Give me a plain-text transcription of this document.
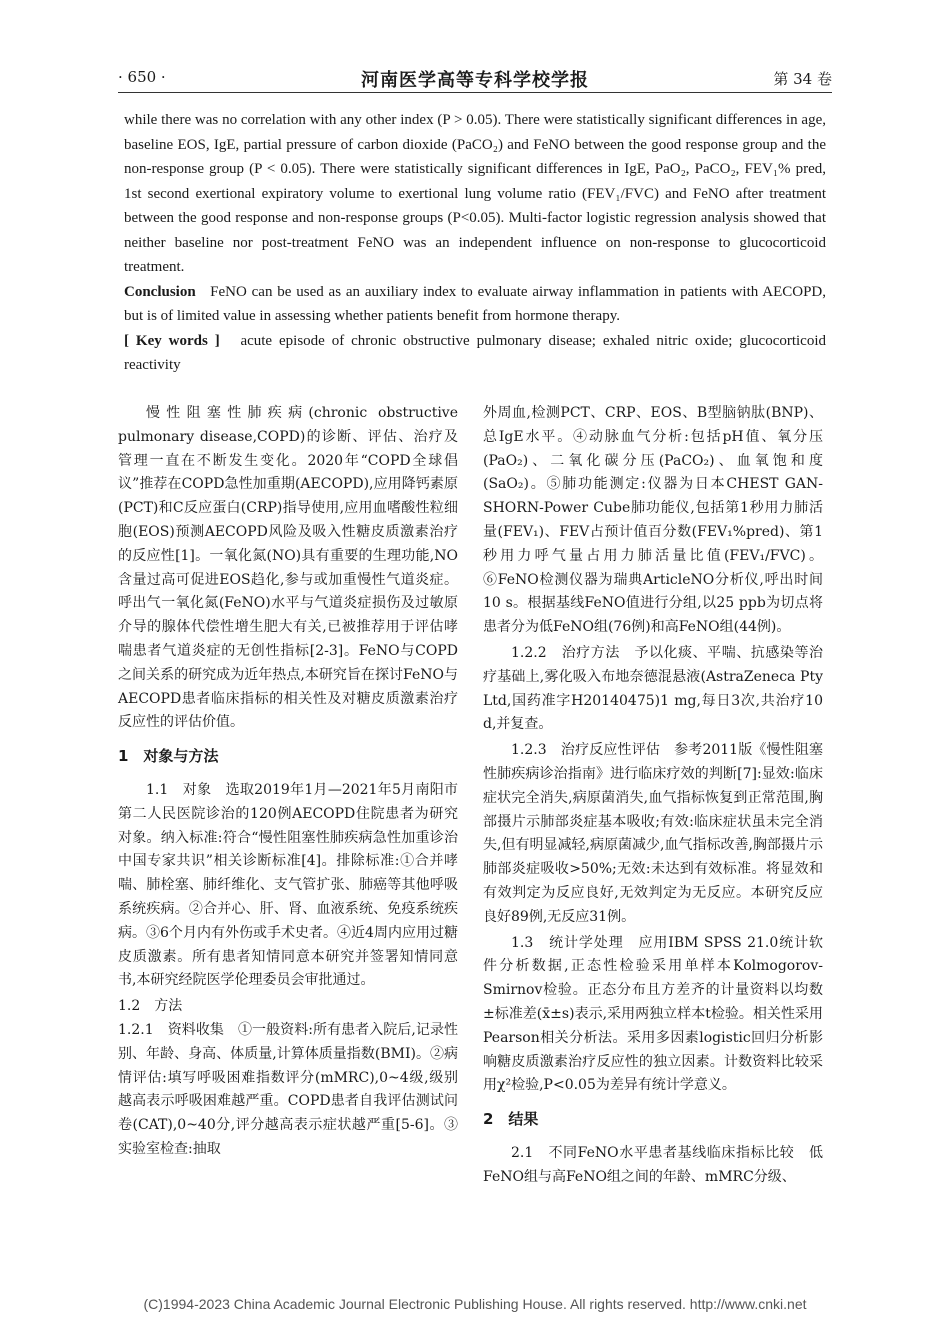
· 650 ·	河南医学高等专科学校学报	第 34 卷

while there was no correlation with any other index (P > 0.05). There were statistically significant differences in age, baseline EOS, IgE, partial pressure of carbon dioxide (PaCO₂) and FeNO between the good response group and the non-response group (P < 0.05). There were statistically significant differences in IgE, PaO₂, PaCO₂, FEV₁% pred, 1st second exertional expiratory volume to exertional lung volume ratio (FEV₁/FVC) and FeNO after treatment between the good response and non-response groups (P<0.05). Multi-factor logistic regression analysis showed that neither baseline nor post-treatment FeNO was an independent influence on non-response to glucocorticoid treatment.

Conclusion FeNO can be used as an auxiliary index to evaluate airway inflammation in patients with AECOPD, but is of limited value in assessing whether patients benefit from hormone therapy.

[ Key words ] acute episode of chronic obstructive pulmonary disease; exhaled nitric oxide; glucocorticoid reactivity

慢性阻塞性肺疾病(chronic obstructive pulmonary disease,COPD)的诊断、评估、治疗及管理一直在不断发生变化。2020年“COPD全球倡议”推荐在COPD急性加重期(AECOPD),应用降钙素原(PCT)和C反应蛋白(CRP)指导使用,应用血嗜酸性粒细胞(EOS)预测AECOPD风险及吸入性糖皮质激素治疗的反应性[1]。一氧化氮(NO)具有重要的生理功能,NO含量过高可促进EOS趋化,参与或加重慢性气道炎症。呼出气一氧化氮(FeNO)水平与气道炎症损伤及过敏原介导的腺体代偿性增生肥大有关,已被推荐用于评估哮喘患者气道炎症的无创性指标[2-3]。FeNO与COPD之间关系的研究成为近年热点,本研究旨在探讨FeNO与AECOPD患者临床指标的相关性及对糖皮质激素治疗反应性的评估价值。

1　对象与方法

1.1　对象　选取2019年1月—2021年5月南阳市第二人民医院诊治的120例AECOPD住院患者为研究对象。纳入标准:符合“慢性阻塞性肺疾病急性加重诊治中国专家共识”相关诊断标准[4]。排除标准:①合并哮喘、肺栓塞、肺纤维化、支气管扩张、肺癌等其他呼吸系统疾病。②合并心、肝、肾、血液系统、免疫系统疾病。③6个月内有外伤或手术史者。④近4周内应用过糖皮质激素。所有患者知情同意本研究并签署知情同意书,本研究经院医学伦理委员会审批通过。

1.2　方法

1.2.1　资料收集　①一般资料:所有患者入院后,记录性别、年龄、身高、体质量,计算体质量指数(BMI)。②病情评估:填写呼吸困难指数评分(mMRC),0~4级,级别越高表示呼吸困难越严重。COPD患者自我评估测试问卷(CAT),0~40分,评分越高表示症状越严重[5-6]。③实验室检查:抽取

外周血,检测PCT、CRP、EOS、B型脑钠肽(BNP)、总IgE水平。④动脉血气分析:包括pH值、氧分压(PaO₂)、二氧化碳分压(PaCO₂)、血氧饱和度(SaO₂)。⑤肺功能测定:仪器为日本CHEST GAN-SHORN-Power Cube肺功能仪,包括第1秒用力肺活量(FEV₁)、FEV占预计值百分数(FEV₁%pred)、第1秒用力呼气量占用力肺活量比值(FEV₁/FVC)。⑥FeNO检测仪器为瑞典ArticleNO分析仪,呼出时间10 s。根据基线FeNO值进行分组,以25 ppb为切点将患者分为低FeNO组(76例)和高FeNO组(44例)。

1.2.2　治疗方法　予以化痰、平喘、抗感染等治疗基础上,雾化吸入布地奈德混悬液(AstraZeneca Pty Ltd,国药准字H20140475)1 mg,每日3次,共治疗10 d,并复查。

1.2.3　治疗反应性评估　参考2011版《慢性阻塞性肺疾病诊治指南》进行临床疗效的判断[7]:显效:临床症状完全消失,病原菌消失,血气指标恢复到正常范围,胸部摄片示肺部炎症基本吸收;有效:临床症状虽未完全消失,但有明显减轻,病原菌减少,血气指标改善,胸部摄片示肺部炎症吸收>50%;无效:未达到有效标准。将显效和有效判定为反应良好,无效判定为无反应。本研究反应良好89例,无反应31例。

1.3　统计学处理　应用IBM SPSS 21.0统计软件分析数据,正态性检验采用单样本Kolmogorov-Smirnov检验。正态分布且方差齐的计量资料以均数±标准差(x̄±s)表示,采用两独立样本t检验。相关性采用Pearson相关分析法。采用多因素logistic回归分析影响糖皮质激素治疗反应性的独立因素。计数资料比较采用χ²检验,P<0.05为差异有统计学意义。

2　结果

2.1　不同FeNO水平患者基线临床指标比较　低FeNO组与高FeNO组之间的年龄、mMRC分级、

(C)1994-2023 China Academic Journal Electronic Publishing House. All rights reserved. http://www.cnki.net
